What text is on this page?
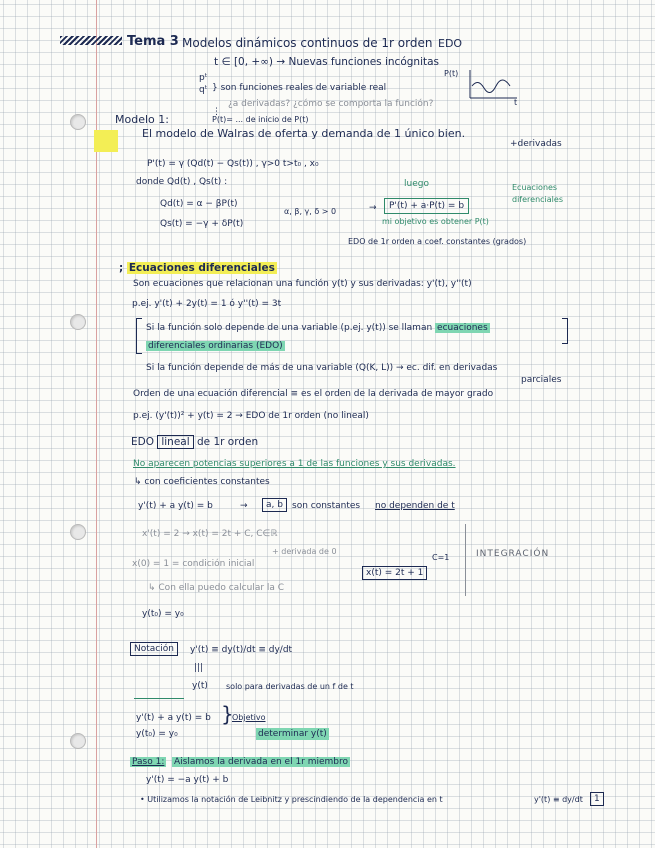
Tema 3 Modelos dinámicos continuos de 1r orden EDO
t ∈ [0, +∞) → Nuevas funciones incógnitas
P(t)
t
pᵗ
qᵗ } son funciones reales de variable real
¿a derivadas? ¿cómo se comporta la función?
⋮
P(t)= ... de inicio de P(t)
Modelo 1:
El modelo de Walras de oferta y demanda de 1 único bien.
+derivadas
P'(t) = γ (Qd(t) − Qs(t)) , γ>0 t>t₀ , x₀
donde Qd(t) , Qs(t) :
Qd(t) = α − βP(t)
Qs(t) = −γ + δP(t)
α, β, γ, δ > 0
luego
→	P'(t) + a·P(t) = b
Ecuaciones diferenciales
mi objetivo es obtener P(t)
EDO de 1r orden a coef. constantes (grados)
; Ecuaciones diferenciales
Son ecuaciones que relacionan una función y(t) y sus derivadas: y'(t), y''(t)
p.ej. y'(t) + 2y(t) = 1 ó y''(t) = 3t
Si la función solo depende de una variable (p.ej. y(t)) se llaman ecuaciones
diferenciales ordinarias (EDO)
Si la función depende de más de una variable (Q(K, L)) → ec. dif. en derivadas
parciales
Orden de una ecuación diferencial ≡ es el orden de la derivada de mayor grado
p.ej. (y'(t))² + y(t) = 2 → EDO de 1r orden (no lineal)
EDO lineal de 1r orden
No aparecen potencias superiores a 1 de las funciones y sus derivadas.
↳ con coeficientes constantes
y'(t) + a y(t) = b	→	a, b	son constantes no dependen de t
x'(t) = 2 → x(t) = 2t + C, C∈ℝ
+ derivada de 0
x(0) = 1 = condición inicial
↳ Con ella puedo calcular la C
x(t) = 2t + 1
C=1	INTEGRACIÓN
y(t₀) = y₀
Notación	y'(t) ≡ dy(t)/dt ≡ dy/dt
|||
y(t) solo para derivadas de un f de t
y'(t) + a y(t) = b
y(t₀) = y₀
}
Objetivo
determinar y(t)
Paso 1: Aislamos la derivada en el 1r miembro
y'(t) = −a y(t) + b
• Utilizamos la notación de Leibnitz y prescindiendo de la dependencia en t	y'(t) ≡ dy/dt	1
